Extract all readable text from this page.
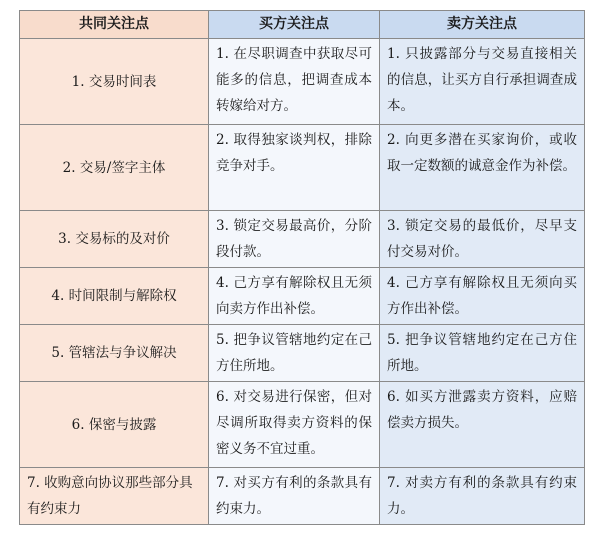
共同关注点	买方关注点	卖方关注点
1. 交易时间表	1. 在尽职调查中获取尽可能多的信息，把调查成本转嫁给对方。	1. 只披露部分与交易直接相关的信息，让买方自行承担调查成本。
2. 交易/签字主体	2. 取得独家谈判权，排除竞争对手。	2. 向更多潜在买家询价，或收取一定数额的诚意金作为补偿。
3. 交易标的及对价	3. 锁定交易最高价，分阶段付款。	3. 锁定交易的最低价，尽早支付交易对价。
4. 时间限制与解除权	4. 己方享有解除权且无须向卖方作出补偿。	4. 己方享有解除权且无须向买方作出补偿。
5. 管辖法与争议解决	5. 把争议管辖地约定在己方住所地。	5. 把争议管辖地约定在己方住所地。
6. 保密与披露	6. 对交易进行保密，但对尽调所取得卖方资料的保密义务不宜过重。	6. 如买方泄露卖方资料，应赔偿卖方损失。
7. 收购意向协议那些部分具有约束力	7. 对买方有利的条款具有约束力。	7. 对卖方有利的条款具有约束力。
